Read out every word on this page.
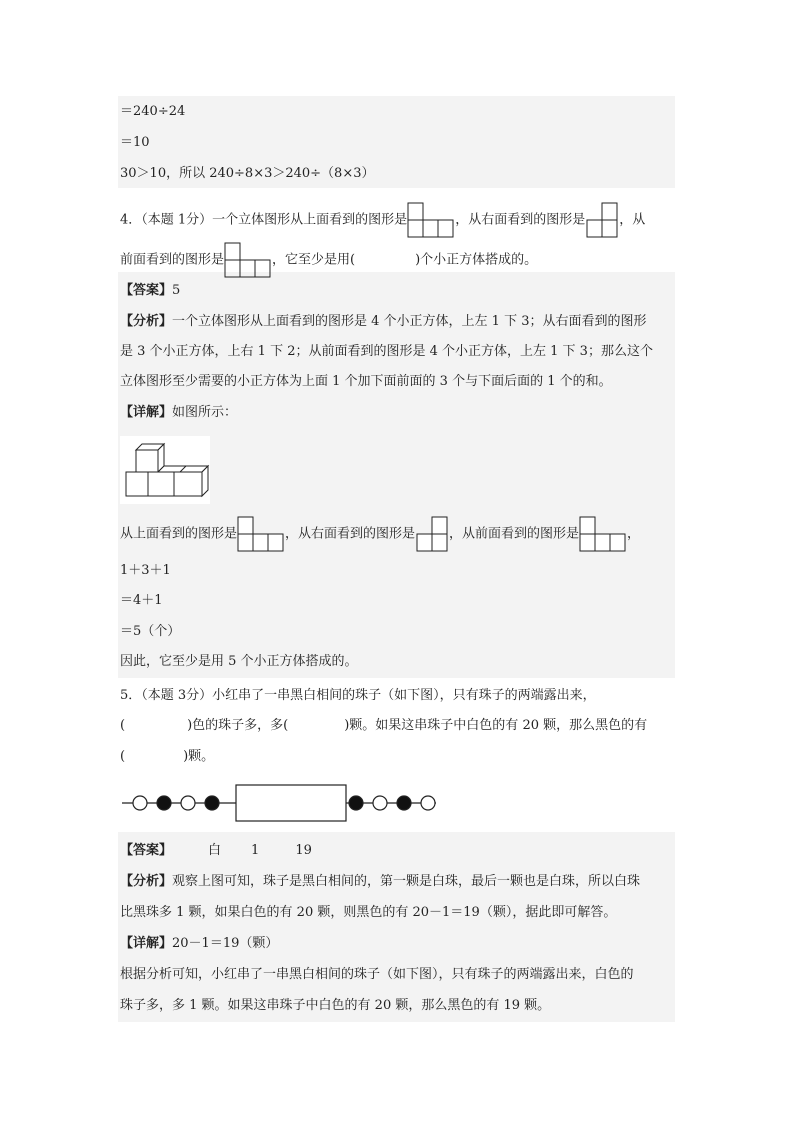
＝240÷24
＝10
30＞10，所以 240÷8×3＞240÷（8×3）
4．（本题 1分）一个立体图形从上面看到的图形是	，从右面看到的图形是	，从
前面看到的图形是	，它至少是用(	)个小正方体搭成的。
【答案】5
【分析】一个立体图形从上面看到的图形是 4 个小正方体，上左 1 下 3；从右面看到的图形
是 3 个小正方体，上右 1 下 2；从前面看到的图形是 4 个小正方体，上左 1 下 3；那么这个
立体图形至少需要的小正方体为上面 1 个加下面前面的 3 个与下面后面的 1 个的和。
【详解】如图所示：
从上面看到的图形是	，从右面看到的图形是	，从前面看到的图形是	，
1＋3＋1
＝4＋1
＝5（个）
因此，它至少是用 5 个小正方体搭成的。
5．（本题 3分）小红串了一串黑白相间的珠子（如下图），只有珠子的两端露出来，
(	)色的珠子多，多(	)颗。如果这串珠子中白色的有 20 颗，那么黑色的有
(	)颗。
【答案】	白 1	19
【分析】观察上图可知，珠子是黑白相间的，第一颗是白珠，最后一颗也是白珠，所以白珠
比黑珠多 1 颗，如果白色的有 20 颗，则黑色的有 20－1＝19（颗），据此即可解答。
【详解】20－1＝19（颗）
根据分析可知，小红串了一串黑白相间的珠子（如下图），只有珠子的两端露出来，白色的
珠子多，多 1 颗。如果这串珠子中白色的有 20 颗，那么黑色的有 19 颗。
